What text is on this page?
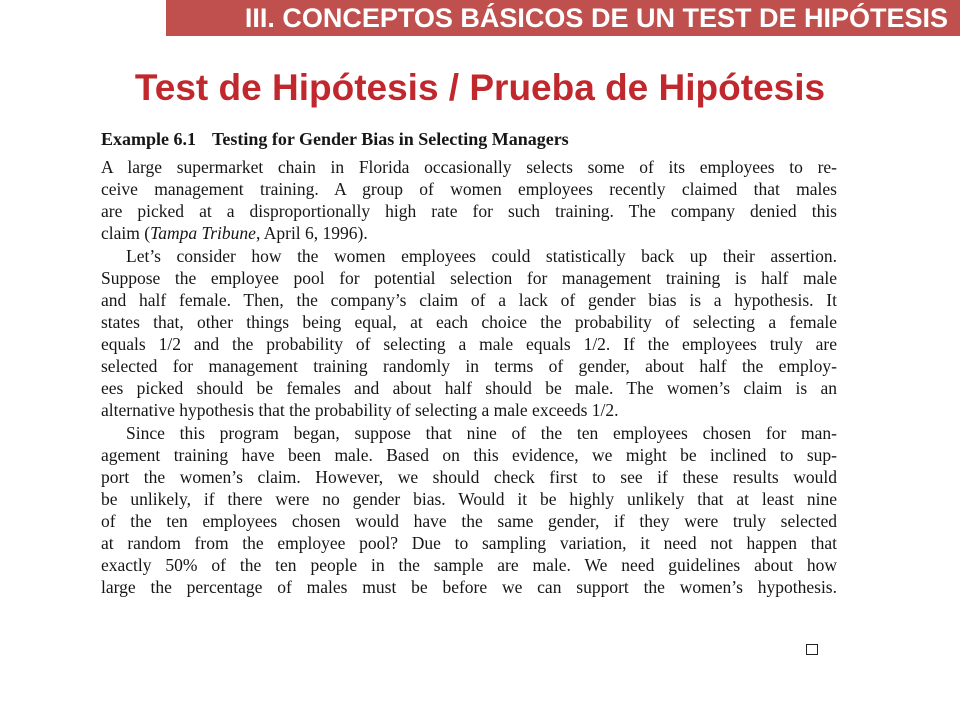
III. CONCEPTOS BÁSICOS DE UN TEST DE HIPÓTESIS
Test de Hipótesis / Prueba de Hipótesis
Example 6.1 Testing for Gender Bias in Selecting Managers
A large supermarket chain in Florida occasionally selects some of its employees to re-
ceive management training. A group of women employees recently claimed that males
are picked at a disproportionally high rate for such training. The company denied this
claim (Tampa Tribune, April 6, 1996).
Let’s consider how the women employees could statistically back up their assertion.
Suppose the employee pool for potential selection for management training is half male
and half female. Then, the company’s claim of a lack of gender bias is a hypothesis. It
states that, other things being equal, at each choice the probability of selecting a female
equals 1/2 and the probability of selecting a male equals 1/2. If the employees truly are
selected for management training randomly in terms of gender, about half the employ-
ees picked should be females and about half should be male. The women’s claim is an
alternative hypothesis that the probability of selecting a male exceeds 1/2.
Since this program began, suppose that nine of the ten employees chosen for man-
agement training have been male. Based on this evidence, we might be inclined to sup-
port the women’s claim. However, we should check first to see if these results would
be unlikely, if there were no gender bias. Would it be highly unlikely that at least nine
of the ten employees chosen would have the same gender, if they were truly selected
at random from the employee pool? Due to sampling variation, it need not happen that
exactly 50% of the ten people in the sample are male. We need guidelines about how
large the percentage of males must be before we can support the women’s hypothesis.
